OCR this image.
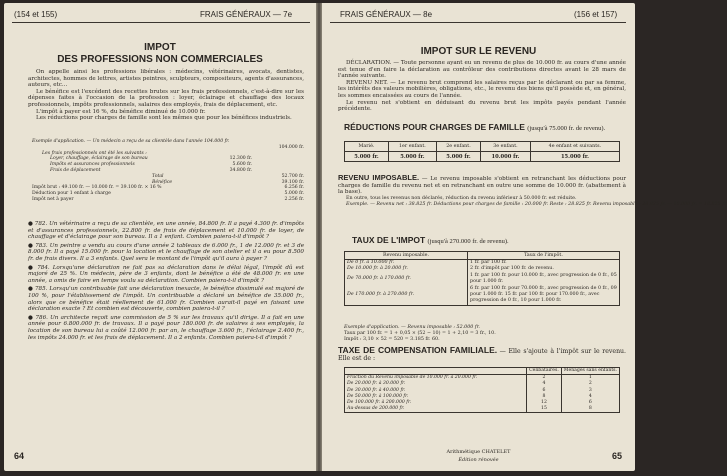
(154 et 155)	FRAIS GÉNÉRAUX — 7e
IMPOT
DES PROFESSIONS NON COMMERCIALES
On appelle ainsi les professions libérales : médecins, vétérinaires, avocats, dentistes, architectes, hommes de lettres, artistes peintres, sculpteurs, compositeurs, agents d'assurances, auteurs, etc...
Le bénéfice est l'excédent des recettes brutes sur les frais professionnels, c'est-à-dire sur les dépenses faites à l'occasion de la profession : loyer, éclairage et chauffage des locaux professionnels, impôts professionnels, salaires des employés, frais de déplacement, etc.
L'impôt à payer est 16 %, du bénéfice diminué de 10.000 fr.
Les réductions pour charges de famille sont les mêmes que pour les bénéfices industriels.
Exemple d'application. — Un médecin a reçu de sa clientèle dans l'année 104.000 fr.
104.000 fr.
Les frais professionnels ont été les suivants :
Loyer, chauffage, éclairage de son bureau	12.300 fr.
Impôts et assurances professionnels	5.600 fr.
Frais de déplacement	34.800 fr.
Total	52.700 fr.
Bénéfice	39.100 fr.
Impôt brut : 49.100 fr. — 10.000 fr. = 39.100 fr. × 16 %	6.256 fr.
Déduction pour 1 enfant à charge	5.000 fr.
Impôt net à payer	2.256 fr.
● 782. Un vétérinaire a reçu de sa clientèle, en une année, 84.800 fr. Il a payé 4.300 fr. d'impôts et d'assurances professionnels, 22.800 fr. de frais de déplacement et 10.000 fr. de loyer, de chauffage et d'éclairage pour son bureau. Il a 1 enfant. Combien paiera-t-il d'impôt ?
● 783. Un peintre a vendu au cours d'une année 2 tableaux de 6.000 fr., 1 de 12.000 fr. et 3 de 8.000 fr. Il a payé 15.000 fr. pour la location et le chauffage de son atelier et il a eu pour 8.500 fr. de frais divers. Il a 3 enfants. Quel sera le montant de l'impôt qu'il aura à payer ?
● 784. Lorsqu'une déclaration ne fait pas sa déclaration dans le délai légal, l'impôt dû est majoré de 25 %. Un médecin, père de 3 enfants, dont le bénéfice a été de 48.000 fr. en une année, a omis de faire en temps voulu sa déclaration. Combien paiera-t-il d'impôt ?
● 785. Lorsqu'un contribuable fait une déclaration inexacte, le bénéfice dissimulé est majoré de 100 %, pour l'établissement de l'impôt. Un contribuable a déclaré un bénéfice de 35.000 fr., alors que ce bénéfice était réellement de 61.000 fr. Combien aurait-il payé en faisant une déclaration exacte ? Et combien est découverte, combien paiera-t-il ?
● 786. Un architecte reçoit une commission de 5 % sur les travaux qu'il dirige. Il a fait en une année pour 6.800.000 fr. de travaux. Il a payé pour 180.000 fr. de salaires à ses employés, la location de son bureau lui a coûté 12.000 fr. par an, le chauffage 3.600 fr., l'éclairage 2.400 fr., les impôts 24.000 fr. et les frais de déplacement. Il a 2 enfants. Combien paiera-t-il d'impôt ?
64
FRAIS GÉNÉRAUX — 8e	(156 et 157)
IMPOT SUR LE REVENU
DÉCLARATION. — Toute personne ayant eu un revenu de plus de 10.000 fr. au cours d'une année est tenue d'en faire la déclaration au contrôleur des contributions directes avant le 28 mars de l'année suivante.
REVENU NET. — Le revenu brut comprend les salaires reçus par le déclarant ou par sa femme, les intérêts des valeurs mobilières, obligations, etc., le revenu des biens qu'il possède et, en général, les sommes encaissées au cours de l'année.
Le revenu net s'obtient en déduisant du revenu brut les impôts payés pendant l'année précédente.
RÉDUCTIONS POUR CHARGES DE FAMILLE (jusqu'à 75.000 fr. de revenu).
Marié.	1er enfant.	2e enfant.	3e enfant.	4e enfant et suivants.
5.000 fr.	5.000 fr.	5.000 fr.	10.000 fr.	15.000 fr.
REVENU IMPOSABLE. — Le revenu imposable s'obtient en retranchant les déductions pour charges de famille du revenu net et en retranchant en outre une somme de 10.000 fr. (abattement à la base).
En outre, tous les revenus non déclarés, réduction du revenu inférieur à 50.000 fr. est réduite.
Exemple. — Revenu net : 38.825 fr. Déductions pour charges de famille : 20.000 fr. Reste : 28.825 fr. Revenu imposable : 28.825 fr. — 10.000 fr. = 18.825 fr.
TAUX DE L'IMPOT (jusqu'à 270.000 fr. de revenu).
Revenu imposable.	Taux de l'impôt.
De 0 fr. à 10.000 fr.	1 fr. par 100 fr.
De 10.000 fr. à 20.000 fr.	2 fr. d'impôt par 100 fr. de revenu.
De 70.000 fr. à 170.000 fr.	1 fr. par 100 fr. pour 10.000 fr., avec progression de 0 fr., 05 pour 1.000 fr.
De 170.000 fr. à 270.000 fr.	6 fr. par 100 fr. pour 70.000 fr., avec progression de 0 fr., 09 pour 1.000 fr. 15 fr. par 100 fr. pour 170.000 fr., avec progression de 0 fr., 10 pour 1.000 fr.
Exemple d'application. — Revenu imposable : 52.000 fr.
Taux par 100 fr. = 1 + 0,05 × (52 − 10) = 1 + 2,10 = 3 fr., 10.
Impôt : 3,10 × 52 = 520 = 3.185 fr. 60.
TAXE DE COMPENSATION FAMILIALE. — Elle s'ajoute à l'impôt sur le revenu. Elle est de :
	Célibataires.	Ménages sans enfants.
Fraction du Revenu imposable de 10.000 fr. à 20.000 fr.	2	1
De 20.000 fr. à 30.000 fr.	4	2
De 30.000 fr. à 40.000 fr.	6	3
De 50.000 fr. à 100.000 fr.	8	4
De 100.000 fr. à 200.000 fr.	12	6
Au-dessus de 200.000 fr.	15	8
Arithmétique CHATELET
Édition rénovée	65
